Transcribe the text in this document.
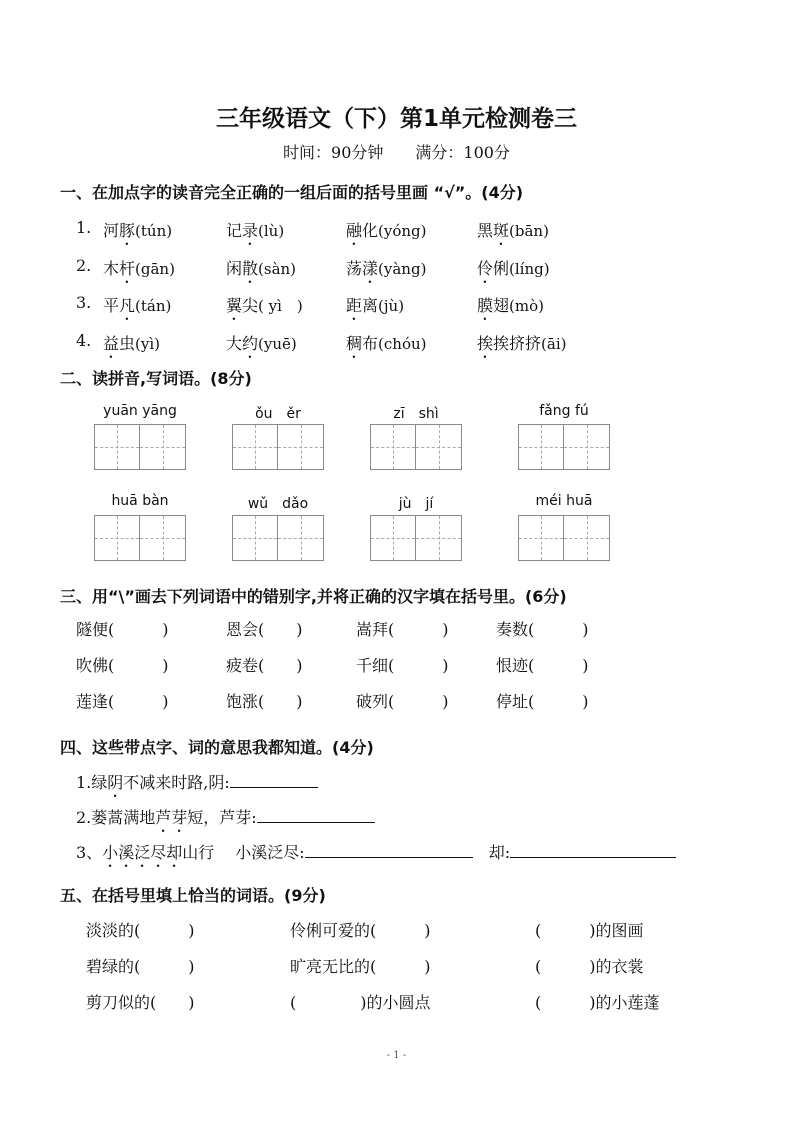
三年级语文（下）第1单元检测卷三
时间：90分钟　　满分：100分
一、在加点字的读音完全正确的一组后面的括号里画 “√”。(4分)
1. 河豚(tún)	记录(lù)	融化(yóng)	黑斑(bān)
2. 木杆(gān)	闲散(sàn)	荡漾(yàng)	伶俐(líng)
3. 平凡(tán)	翼尖( yì　)	距离(jù)	膜翅(mò)
4. 益虫(yì)	大约(yuē)	稠布(chóu)	挨挨挤挤(āi)
二、读拼音,写词语。(8分)
yuān yāng	ǒu　ěr	zī　shì	fǎng fú
huā bàn	wǔ　dǎo	jù　jí	méi huā
三、用“\”画去下列词语中的错别字,并将正确的汉字填在括号里。(6分)
隧便(　　　)	恩会(　　)	嵩拜(　　　)	奏数(　　　)
吹佛(　　　)	疲卷(　　)	千细(　　　)	恨迹(　　　)
莲逢(　　　)	饱涨(　　)	破列(　　　)	停址(　　　)
四、这些带点字、词的意思我都知道。(4分)
1.绿阴不减来时路,阴:
2.蒌蒿满地芦芽短，芦芽:
3、小溪泛尽却山行　 小溪泛尽:　	却:
五、在括号里填上恰当的词语。(9分)
淡淡的(　　　)	伶俐可爱的(　　　)	(　　　)的图画
碧绿的(　　　)	旷亮无比的(　　　)	(　　　)的衣裳
剪刀似的(　　)	(　　　　)的小圆点	(　　　)的小莲蓬
- 1 -
